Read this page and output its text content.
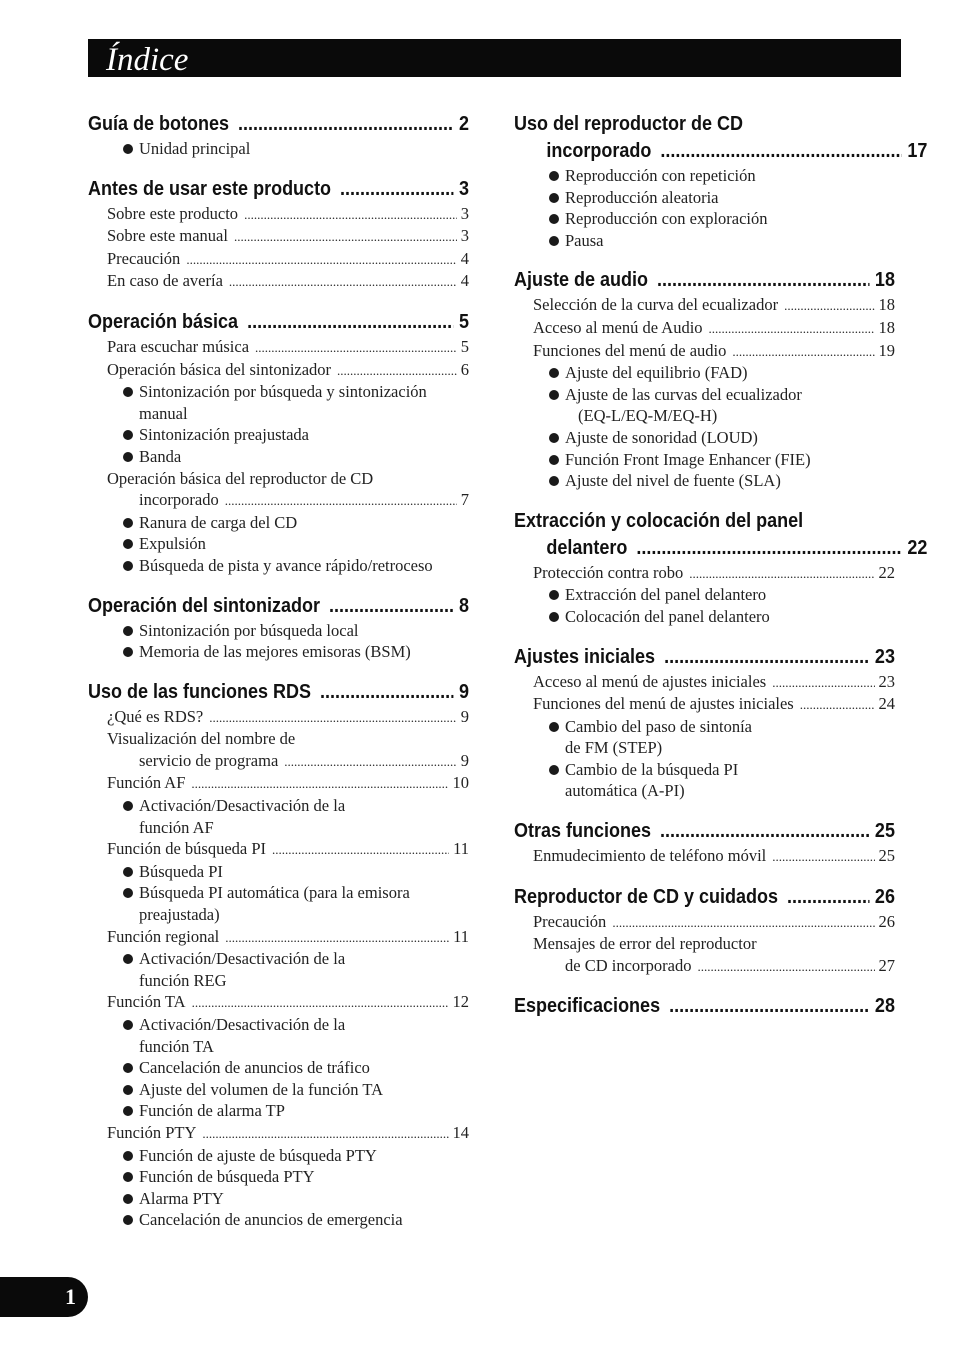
Índice
Guía de botones .....	2
Unidad principal
Antes de usar este producto .....	3
Sobre este producto .....	3
Sobre este manual .....	3
Precaución .....	4
En caso de avería .....	4
Operación básica .....	5
Para escuchar música .....	5
Operación básica del sintonizador .....	6
Sintonización por búsqueda y sintonización
manual
Sintonización preajustada
Banda
Operación básica del reproductor de CD
incorporado .....	7
Ranura de carga del CD
Expulsión
Búsqueda de pista y avance rápido/retroceso
Operación del sintonizador .....	8
Sintonización por búsqueda local
Memoria de las mejores emisoras (BSM)
Uso de las funciones RDS .....	9
¿Qué es RDS? .....	9
Visualización del nombre de
servicio de programa .....	9
Función AF .....	10
Activación/Desactivación de la
función AF
Función de búsqueda PI .....	11
Búsqueda PI
Búsqueda PI automática (para la emisora
preajustada)
Función regional .....	11
Activación/Desactivación de la
función REG
Función TA .....	12
Activación/Desactivación de la
función TA
Cancelación de anuncios de tráfico
Ajuste del volumen de la función TA
Función de alarma TP
Función PTY .....	14
Función de ajuste de búsqueda PTY
Función de búsqueda PTY
Alarma PTY
Cancelación de anuncios de emergencia
Uso del reproductor de CD
incorporado .....	17
Reproducción con repetición
Reproducción aleatoria
Reproducción con exploración
Pausa
Ajuste de audio .....	18
Selección de la curva del ecualizador .....	18
Acceso al menú de Audio .....	18
Funciones del menú de audio .....	19
Ajuste del equilibrio (FAD)
Ajuste de las curvas del ecualizador
(EQ-L/EQ-M/EQ-H)
Ajuste de sonoridad (LOUD)
Función Front Image Enhancer (FIE)
Ajuste del nivel de fuente (SLA)
Extracción y colocación del panel
delantero .....	22
Protección contra robo .....	22
Extracción del panel delantero
Colocación del panel delantero
Ajustes iniciales .....	23
Acceso al menú de ajustes iniciales .....	23
Funciones del menú de ajustes iniciales .....	24
Cambio del paso de sintonía
de FM (STEP)
Cambio de la búsqueda PI
automática (A-PI)
Otras funciones .....	25
Enmudecimiento de teléfono móvil .....	25
Reproductor de CD y cuidados .....	26
Precaución .....	26
Mensajes de error del reproductor
de CD incorporado .....	27
Especificaciones .....	28
1
